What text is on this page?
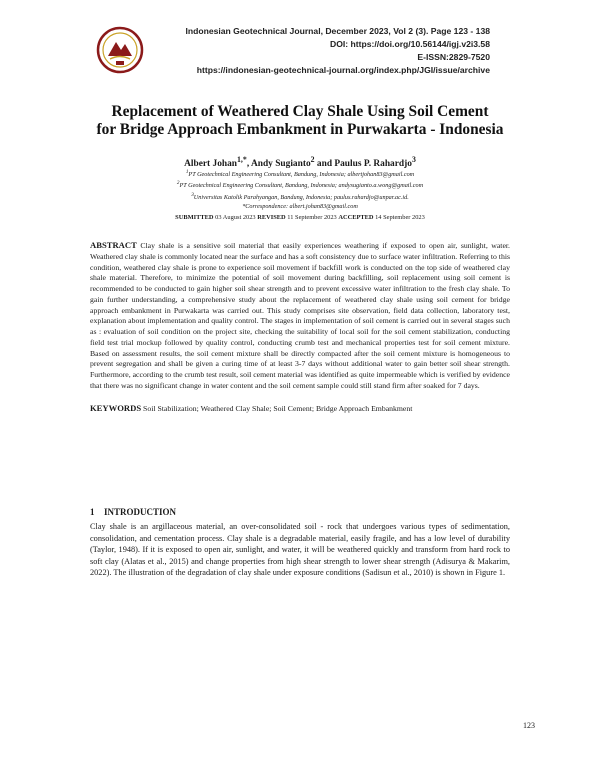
Indonesian Geotechnical Journal, December 2023, Vol 2 (3). Page 123 - 138
DOI: https://doi.org/10.56144/igj.v2i3.58
E-ISSN:2829-7520
https://indonesian-geotechnical-journal.org/index.php/JGI/issue/archive
Replacement of Weathered Clay Shale Using Soil Cement
for Bridge Approach Embankment in Purwakarta - Indonesia
Albert Johan$^{1,*}$, Andy Sugianto$^2$ and Paulus P. Rahardjo$^3$
$^1$PT Geotechnical Engineering Consultant, Bandung, Indonesia; albertjohan83@gmail.com
$^2$PT Geotechnical Engineering Consultant, Bandung, Indonesia; andysugianto.a.wong@gmail.com
$^3$Universitas Katolik Parahyangan, Bandung, Indonesia; paulus.rahardjo@unpar.ac.id.
*Correspondence: albert.johan83@gmail.com
SUBMITTED 03 August 2023 REVISED 11 September 2023 ACCEPTED 14 September 2023
ABSTRACT Clay shale is a sensitive soil material that easily experiences weathering if exposed to open air, sunlight, water. Weathered clay shale is commonly located near the surface and has a soft consistency due to surface water infiltration. Referring to this condition, weathered clay shale is prone to experience soil movement if backfill work is conducted on the top side of weathered clay shale material. Therefore, to minimize the potential of soil movement during backfilling, soil replacement using soil cement is recommended to be conducted to gain higher soil shear strength and to prevent excessive water infiltration to the fresh clay shale. To gain further understanding, a comprehensive study about the replacement of weathered clay shale using soil cement for bridge approach embankment in Purwakarta was carried out. This study comprises site observation, field data collection, laboratory test, explanation about implementation and quality control. The stages in implementation of soil cement is carried out in several stages such as : evaluation of soil condition on the project site, checking the suitability of local soil for the soil cement stabilization, conducting field test trial mockup followed by quality control, conducting crumb test and mechanical properties test for soil cement mixture. Based on assessment results, the soil cement mixture shall be directly compacted after the soil cement mixture is homogeneous to prevent segregation and shall be given a curing time of at least 3-7 days without additional water to gain better soil shear strength. Furthermore, according to the crumb test result, soil cement material was identified as quite impermeable which is verified by evidence that there was no significant change in water content and the soil cement sample could still stand firm after soaked for 7 days.
KEYWORDS Soil Stabilization; Weathered Clay Shale; Soil Cement; Bridge Approach Embankment
1 INTRODUCTION
Clay shale is an argillaceous material, an over-consolidated soil - rock that undergoes various types of sedimentation, consolidation, and cementation process. Clay shale is a degradable material, easily fragile, and has a low level of durability (Taylor, 1948). If it is exposed to open air, sunlight, and water, it will be weathered quickly and transform from hard rock to soft clay (Alatas et al., 2015) and change properties from high shear strength to lower shear strength (Adisurya & Makarim, 2022). The illustration of the degradation of clay shale under exposure conditions (Sadisun et al., 2010) is shown in Figure 1.
123
